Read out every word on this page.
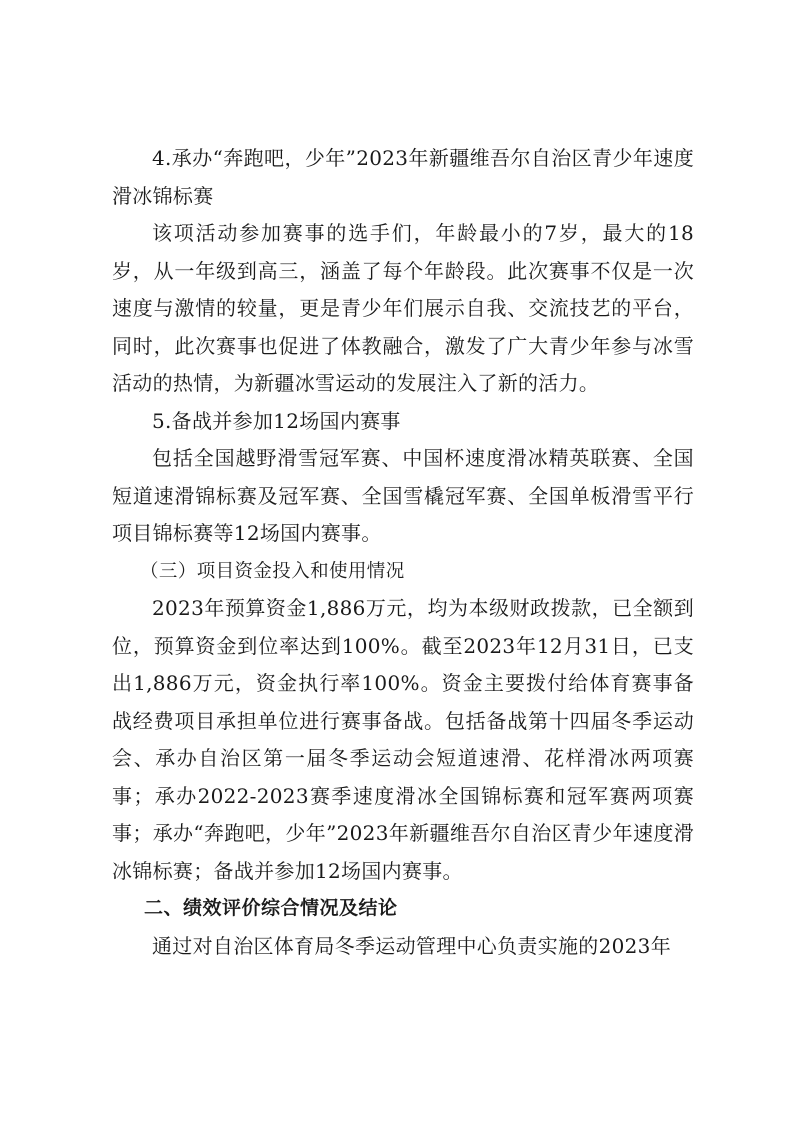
4.承办“奔跑吧，少年”2023年新疆维吾尔自治区青少年速度滑冰锦标赛

该项活动参加赛事的选手们，年龄最小的7岁，最大的18岁，从一年级到高三，涵盖了每个年龄段。此次赛事不仅是一次速度与激情的较量，更是青少年们展示自我、交流技艺的平台，同时，此次赛事也促进了体教融合，激发了广大青少年参与冰雪活动的热情，为新疆冰雪运动的发展注入了新的活力。

5.备战并参加12场国内赛事

包括全国越野滑雪冠军赛、中国杯速度滑冰精英联赛、全国短道速滑锦标赛及冠军赛、全国雪橇冠军赛、全国单板滑雪平行项目锦标赛等12场国内赛事。

（三）项目资金投入和使用情况

2023年预算资金1,886万元，均为本级财政拨款，已全额到位，预算资金到位率达到100%。截至2023年12月31日，已支出1,886万元，资金执行率100%。资金主要拨付给体育赛事备战经费项目承担单位进行赛事备战。包括备战第十四届冬季运动会、承办自治区第一届冬季运动会短道速滑、花样滑冰两项赛事；承办2022-2023赛季速度滑冰全国锦标赛和冠军赛两项赛事；承办“奔跑吧，少年”2023年新疆维吾尔自治区青少年速度滑冰锦标赛；备战并参加12场国内赛事。

二、绩效评价综合情况及结论

通过对自治区体育局冬季运动管理中心负责实施的2023年
